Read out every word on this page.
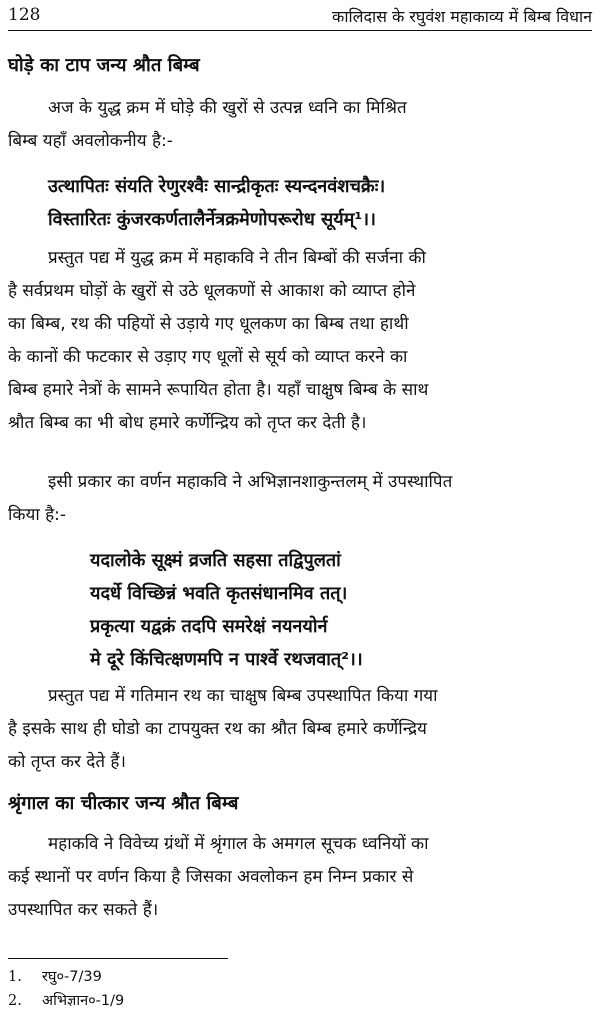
128	कालिदास के रघुवंश महाकाव्य में बिम्ब विधान
घोड़े का टाप जन्य श्रौत बिम्ब
अज के युद्ध क्रम में घोड़े की खुरों से उत्पन्न ध्वनि का मिश्रित
बिम्ब यहाँ अवलोकनीय है:-
उत्थापितः संयति रेणुरश्वैः सान्द्रीकृतः स्यन्दनवंशचक्रैः।
विस्तारितः कुंजरकर्णतालैर्नेत्रक्रमेणोपरूरोध सूर्यम्¹।।
प्रस्तुत पद्य में युद्ध क्रम में महाकवि ने तीन बिम्बों की सर्जना की
है सर्वप्रथम घोड़ों के खुरों से उठे धूलकणों से आकाश को व्याप्त होने
का बिम्ब, रथ की पहियों से उड़ाये गए धूलकण का बिम्ब तथा हाथी
के कानों की फटकार से उड़ाए गए धूलों से सूर्य को व्याप्त करने का
बिम्ब हमारे नेत्रों के सामने रूपायित होता है। यहाँ चाक्षुष बिम्ब के साथ
श्रौत बिम्ब का भी बोध हमारे कर्णेन्द्रिय को तृप्त कर देती है।
इसी प्रकार का वर्णन महाकवि ने अभिज्ञानशाकुन्तलम् में उपस्थापित
किया है:-
यदालोके सूक्ष्मं व्रजति सहसा तद्विपुलतां
यदर्धे विच्छिन्नं भवति कृतसंधानमिव तत्।
प्रकृत्या यद्वक्रं तदपि समरेक्षं नयनयोर्न
मे दूरे किंचित्क्षणमपि न पार्श्वे रथजवात्²।।
प्रस्तुत पद्य में गतिमान रथ का चाक्षुष बिम्ब उपस्थापित किया गया
है इसके साथ ही घोडो का टापयुक्त रथ का श्रौत बिम्ब हमारे कर्णेन्द्रिय
को तृप्त कर देते हैं।
श्रृंगाल का चीत्कार जन्य श्रौत बिम्ब
महाकवि ने विवेच्य ग्रंथों में श्रृंगाल के अमगल सूचक ध्वनियों का
कई स्थानों पर वर्णन किया है जिसका अवलोकन हम निम्न प्रकार से
उपस्थापित कर सकते हैं।
1. रघु०-7/39
2. अभिज्ञान०-1/9
